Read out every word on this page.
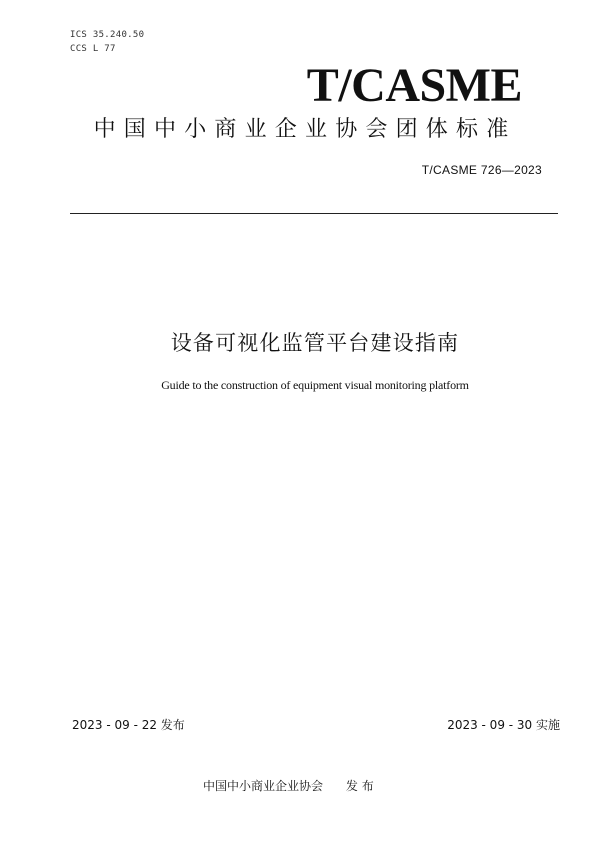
ICS 35.240.50
CCS L 77
T/CASME
中国中小商业企业协会团体标准
T/CASME 726—2023
设备可视化监管平台建设指南
Guide to the construction of equipment visual monitoring platform
2023 - 09 - 22 发布	2023 - 09 - 30 实施
中国中小商业企业协会      发 布
